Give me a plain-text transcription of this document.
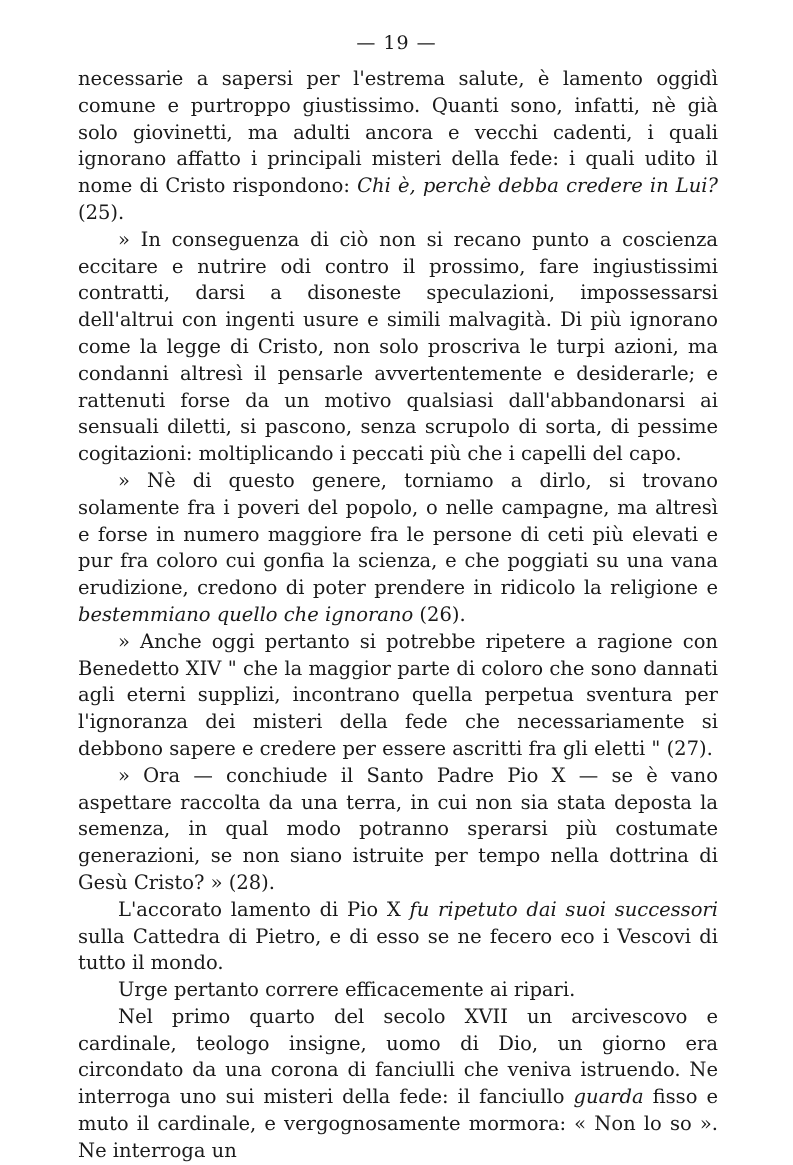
— 19 —

necessarie a sapersi per l'estrema salute, è lamento oggidì comune e purtroppo giustissimo. Quanti sono, infatti, nè già solo giovinetti, ma adulti ancora e vecchi cadenti, i quali ignorano affatto i principali misteri della fede: i quali udito il nome di Cristo rispondono: Chi è, perchè debba credere in Lui? (25).

» In conseguenza di ciò non si recano punto a coscienza eccitare e nutrire odi contro il prossimo, fare ingiustissimi contratti, darsi a disoneste speculazioni, impossessarsi dell'altrui con ingenti usure e simili malvagità. Di più ignorano come la legge di Cristo, non solo proscriva le turpi azioni, ma condanni altresì il pensarle avvertentemente e desiderarle; e rattenuti forse da un motivo qualsiasi dall'abbandonarsi ai sensuali diletti, si pascono, senza scrupolo di sorta, di pessime cogitazioni: moltiplicando i peccati più che i capelli del capo.

» Nè di questo genere, torniamo a dirlo, si trovano solamente fra i poveri del popolo, o nelle campagne, ma altresì e forse in numero maggiore fra le persone di ceti più elevati e pur fra coloro cui gonfia la scienza, e che poggiati su una vana erudizione, credono di poter prendere in ridicolo la religione e bestemmiano quello che ignorano (26).

» Anche oggi pertanto si potrebbe ripetere a ragione con Benedetto XIV " che la maggior parte di coloro che sono dannati agli eterni supplizi, incontrano quella perpetua sventura per l'ignoranza dei misteri della fede che necessariamente si debbono sapere e credere per essere ascritti fra gli eletti " (27).

» Ora — conchiude il Santo Padre Pio X — se è vano aspettare raccolta da una terra, in cui non sia stata deposta la semenza, in qual modo potranno sperarsi più costumate generazioni, se non siano istruite per tempo nella dottrina di Gesù Cristo? » (28).

L'accorato lamento di Pio X fu ripetuto dai suoi successori sulla Cattedra di Pietro, e di esso se ne fecero eco i Vescovi di tutto il mondo.

Urge pertanto correre efficacemente ai ripari.

Nel primo quarto del secolo XVII un arcivescovo e cardinale, teologo insigne, uomo di Dio, un giorno era circondato da una corona di fanciulli che veniva istruendo. Ne interroga uno sui misteri della fede: il fanciullo guarda fisso e muto il cardinale, e vergognosamente mormora: « Non lo so ». Ne interroga un
